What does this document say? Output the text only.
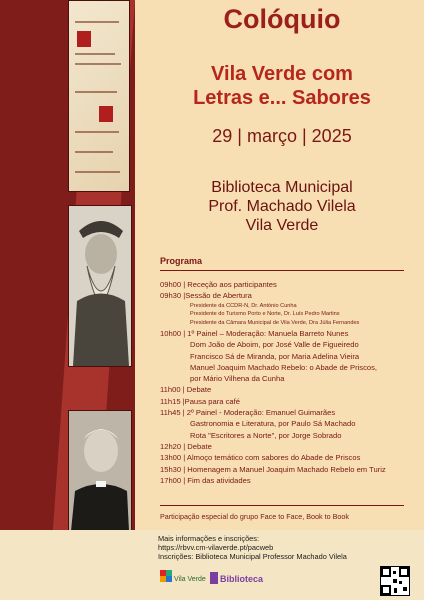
Colóquio
Vila Verde com
Letras e... Sabores
29 | março | 2025
Biblioteca Municipal
Prof. Machado Vilela
Vila Verde
Programa
09h00 | Receção aos participantes
09h30 |Sessão de Abertura
Presidente da CCDR-N, Dr. António Cunha
Presidente do Turismo Porto e Norte, Dr. Luís Pedro Martins
Presidente da Câmara Municipal de Vila Verde, Dra Júlia Fernandes
10h00 | 1º Painel – Moderação: Manuela Barreto Nunes
Dom João de Aboim, por José Valle de Figueiredo
Francisco Sá de Miranda, por Maria Adelina Vieira
Manuel Joaquim Machado Rebelo: o Abade de Priscos,
por Mário Vilhena da Cunha
11h00 | Debate
11h15 |Pausa para café
11h45 | 2º Painel - Moderação: Emanuel Guimarães
Gastronomia e Literatura, por Paulo Sá Machado
Rota "Escritores a Norte", por Jorge Sobrado
12h20 | Debate
13h00 | Almoço temático com sabores do Abade de Priscos
15h30 | Homenagem a Manuel Joaquim Machado Rebelo em Turiz
17h00 | Fim das atividades
Participação especial do grupo Face to Face, Book to Book
Mais informações e inscrições:
https://rbvv.cm-vilaverde.pt/pacweb
Inscrições: Biblioteca Municipal Professor Machado Vilela
Vila Verde Biblioteca
